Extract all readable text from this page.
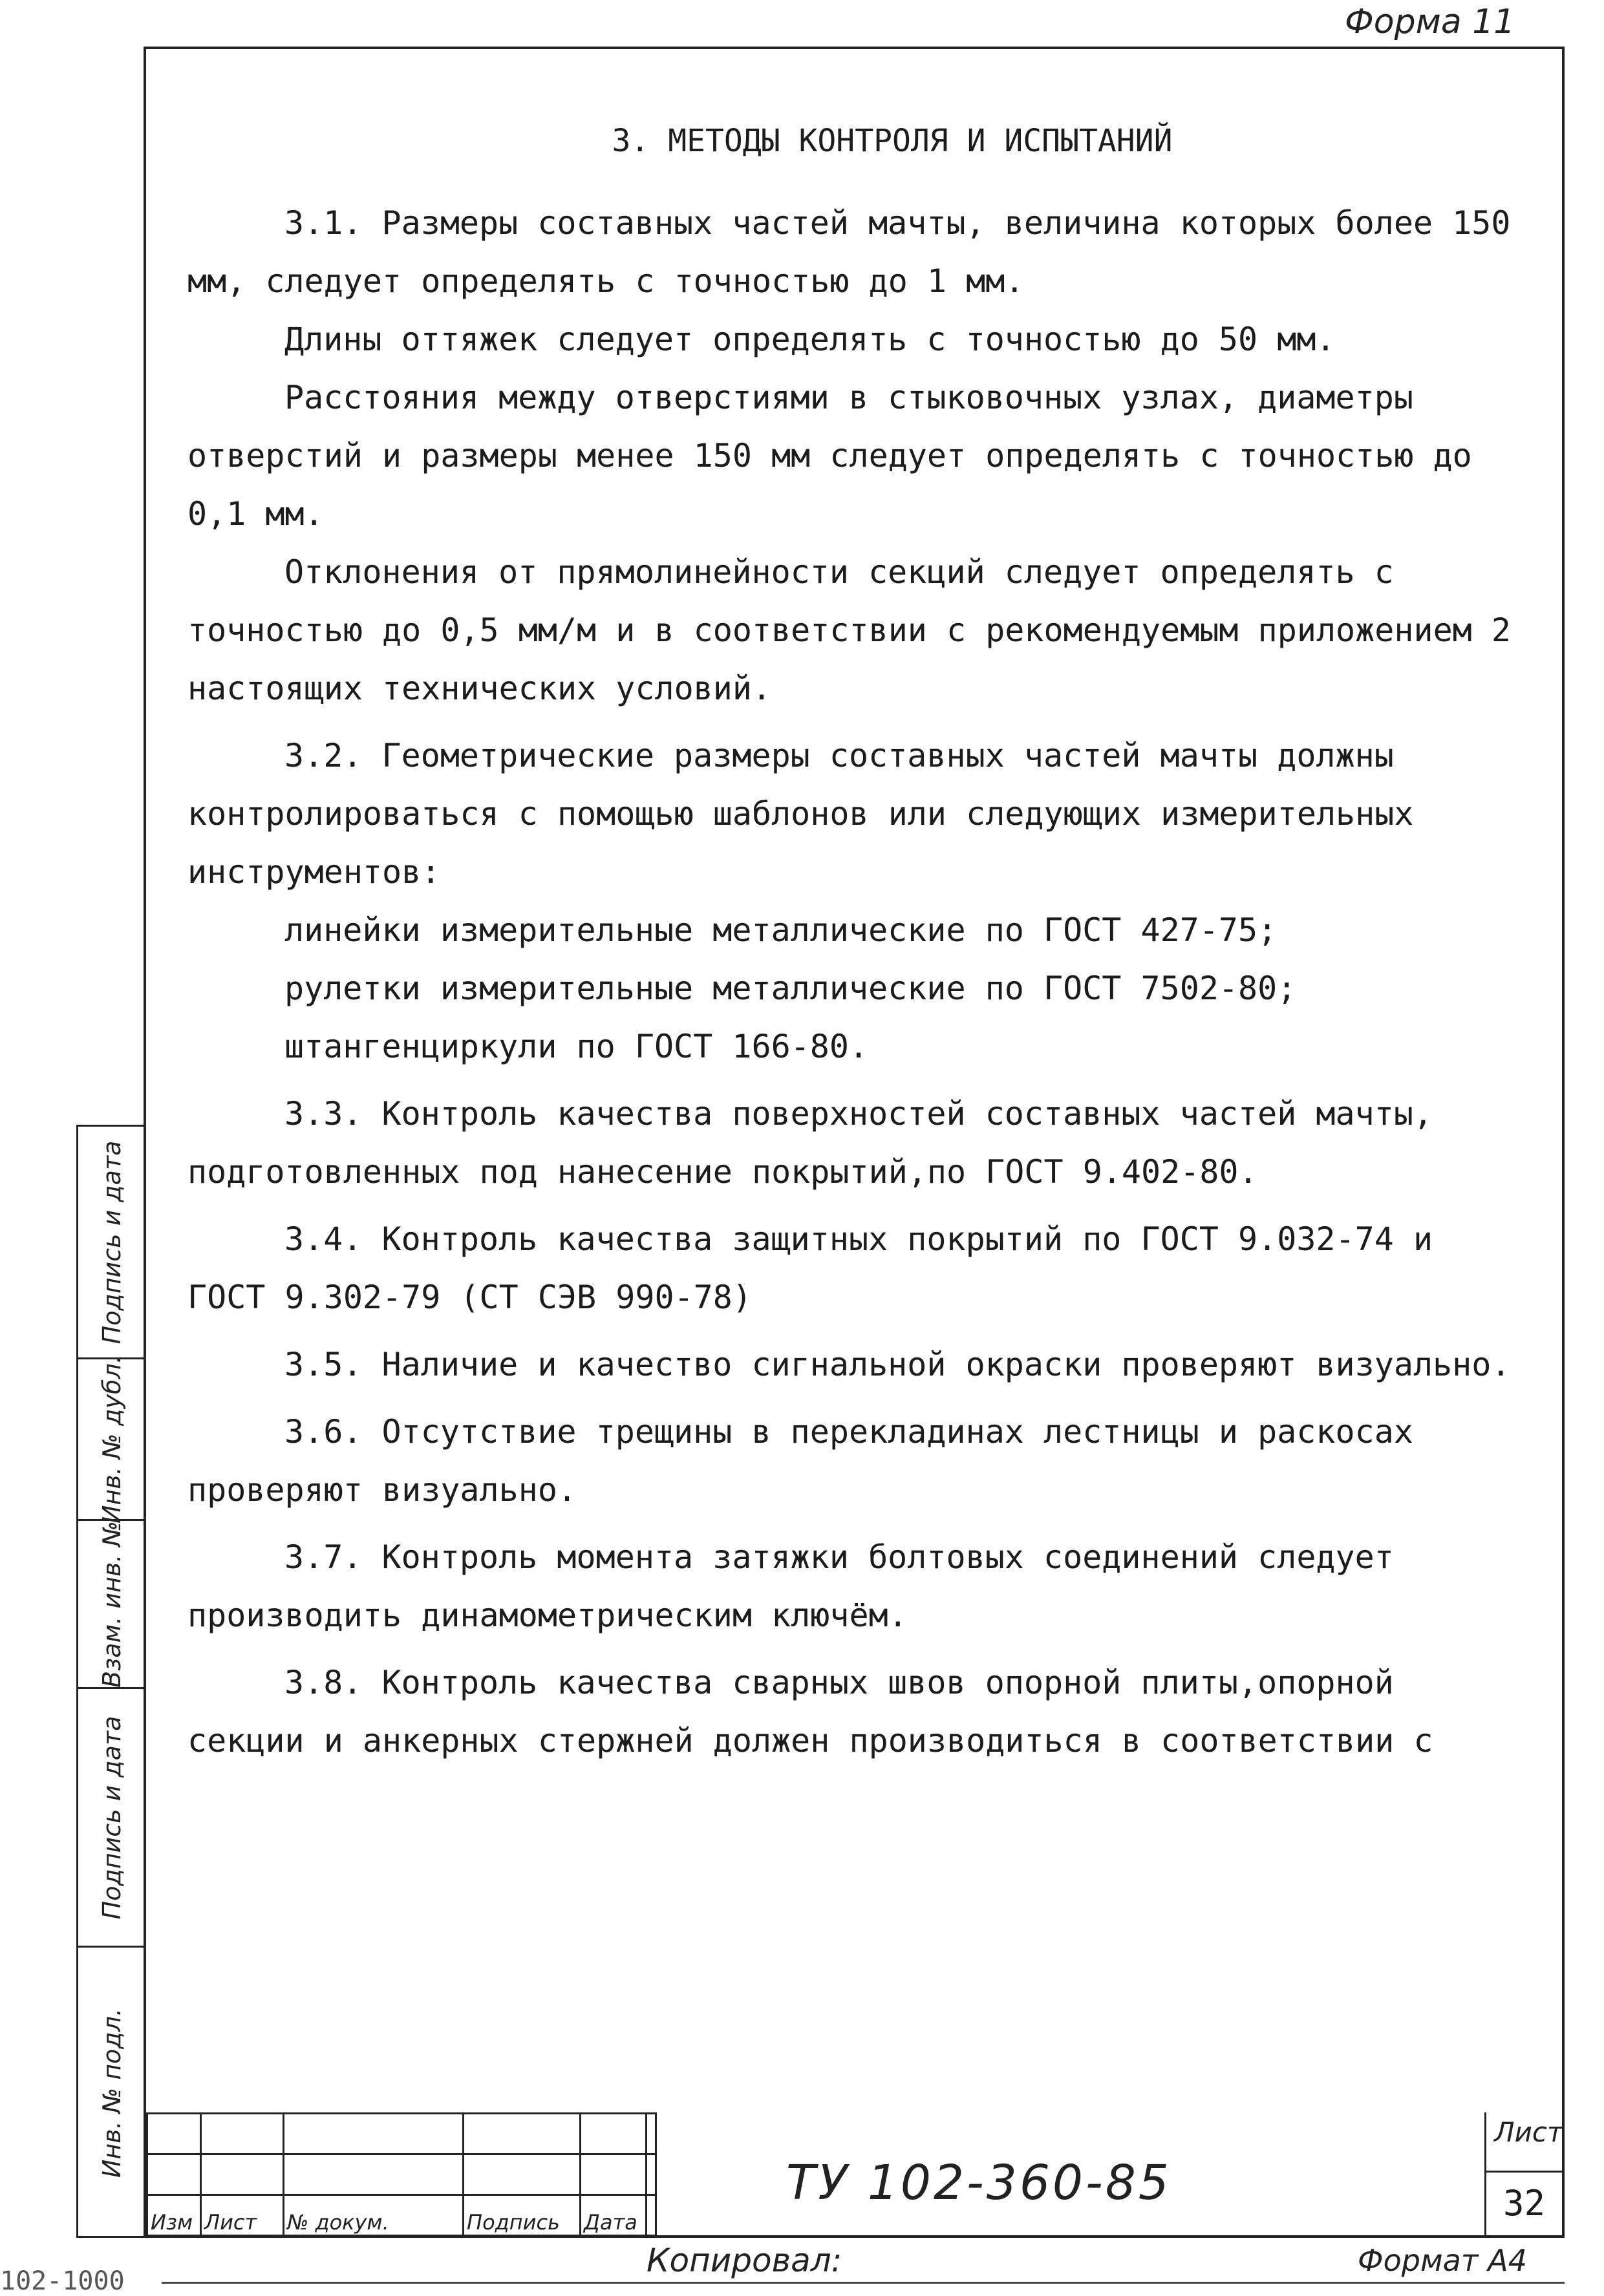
Форма 11
Подпись и дата
Инв. № дубл.
Взам. инв. №
Подпись и дата
Инв. № подл.
3. МЕТОДЫ КОНТРОЛЯ И ИСПЫТАНИЙ

3.1. Размеры составных частей мачты, величина которых более 150 мм, следует определять с точностью до 1 мм.

Длины оттяжек следует определять с точностью до 50 мм.

Расстояния между отверстиями в стыковочных узлах, диаметры отверстий и размеры менее 150 мм следует определять с точностью до 0,1 мм.

Отклонения от прямолинейности секций следует определять с точностью до 0,5 мм/м и в соответствии с рекомендуемым приложением 2 настоящих технических условий.

3.2. Геометрические размеры составных частей мачты должны контролироваться с помощью шаблонов или следующих измерительных инструментов:

линейки измерительные металлические по ГОСТ 427-75;

рулетки измерительные металлические по ГОСТ 7502-80;

штангенциркули по ГОСТ 166-80.

3.3. Контроль качества поверхностей составных частей мачты, подготовленных под нанесение покрытий,по ГОСТ 9.402-80.

3.4. Контроль качества защитных покрытий по ГОСТ 9.032-74 и ГОСТ 9.302-79 (СТ СЭВ 990-78)

3.5. Наличие и качество сигнальной окраски проверяют визуально.

3.6. Отсутствие трещины в перекладинах лестницы и раскосах проверяют визуально.

3.7. Контроль момента затяжки болтовых соединений следует производить динамометрическим ключём.

3.8. Контроль качества сварных швов опорной плиты,опорной секции и анкерных стержней должен производиться в соответствии с

Изм	Лист	№ докум.	Подпись	Дата
ТУ 102-360-85
Лист
32
Копировал:	Формат А4
102-1000
